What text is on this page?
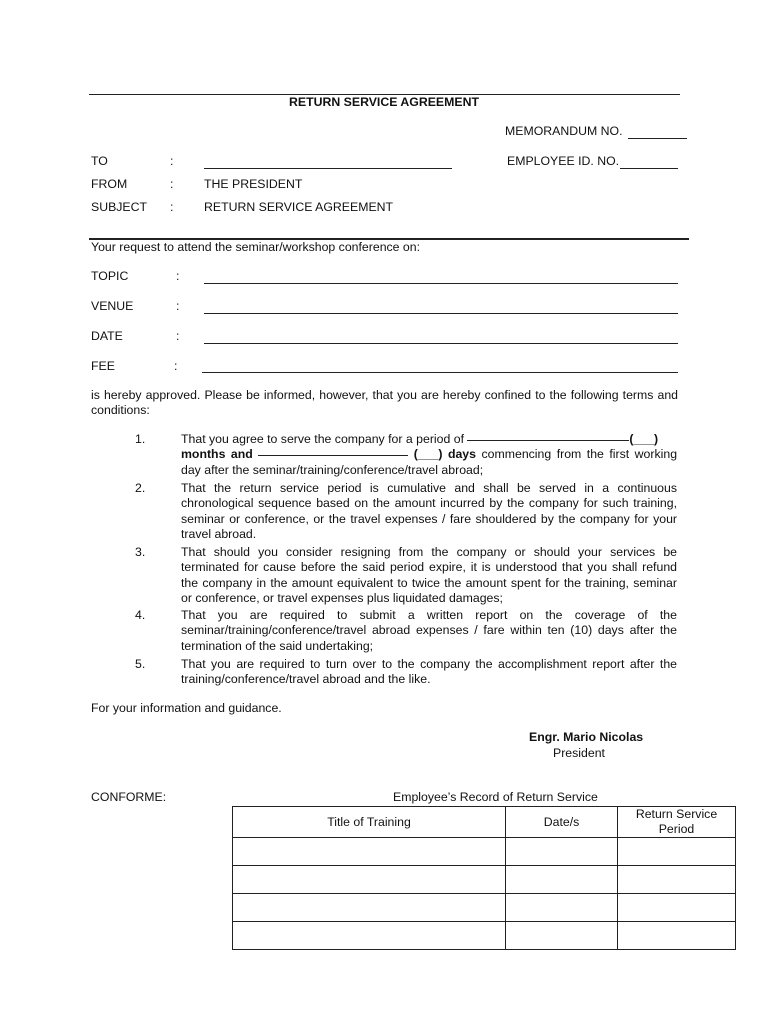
RETURN SERVICE AGREEMENT
MEMORANDUM NO.
EMPLOYEE ID. NO.
TO	:
FROM	: THE PRESIDENT
SUBJECT : RETURN SERVICE AGREEMENT
Your request to attend the seminar/workshop conference on:
TOPIC	:
VENUE	:
DATE	:
FEE	:
is hereby approved. Please be informed, however, that you are hereby confined to the following terms and conditions:
1.	That you agree to serve the company for a period of	(___)
months and	(___) days commencing from the first working day after the seminar/training/conference/travel abroad;
2.	That the return service period is cumulative and shall be served in a continuous chronological sequence based on the amount incurred by the company for such training, seminar or conference, or the travel expenses / fare shouldered by the company for your travel abroad.
3.	That should you consider resigning from the company or should your services be terminated for cause before the said period expire, it is understood that you shall refund the company in the amount equivalent to twice the amount spent for the training, seminar or conference, or travel expenses plus liquidated damages;
4.	That you are required to submit a written report on the coverage of the seminar/training/conference/travel abroad expenses / fare within ten (10) days after the termination of the said undertaking;
5.	That you are required to turn over to the company the accomplishment report after the training/conference/travel abroad and the like.
For your information and guidance.
Engr. Mario Nicolas
President
CONFORME:	Employee’s Record of Return Service
Title of Training	Date/s	Return Service Period
